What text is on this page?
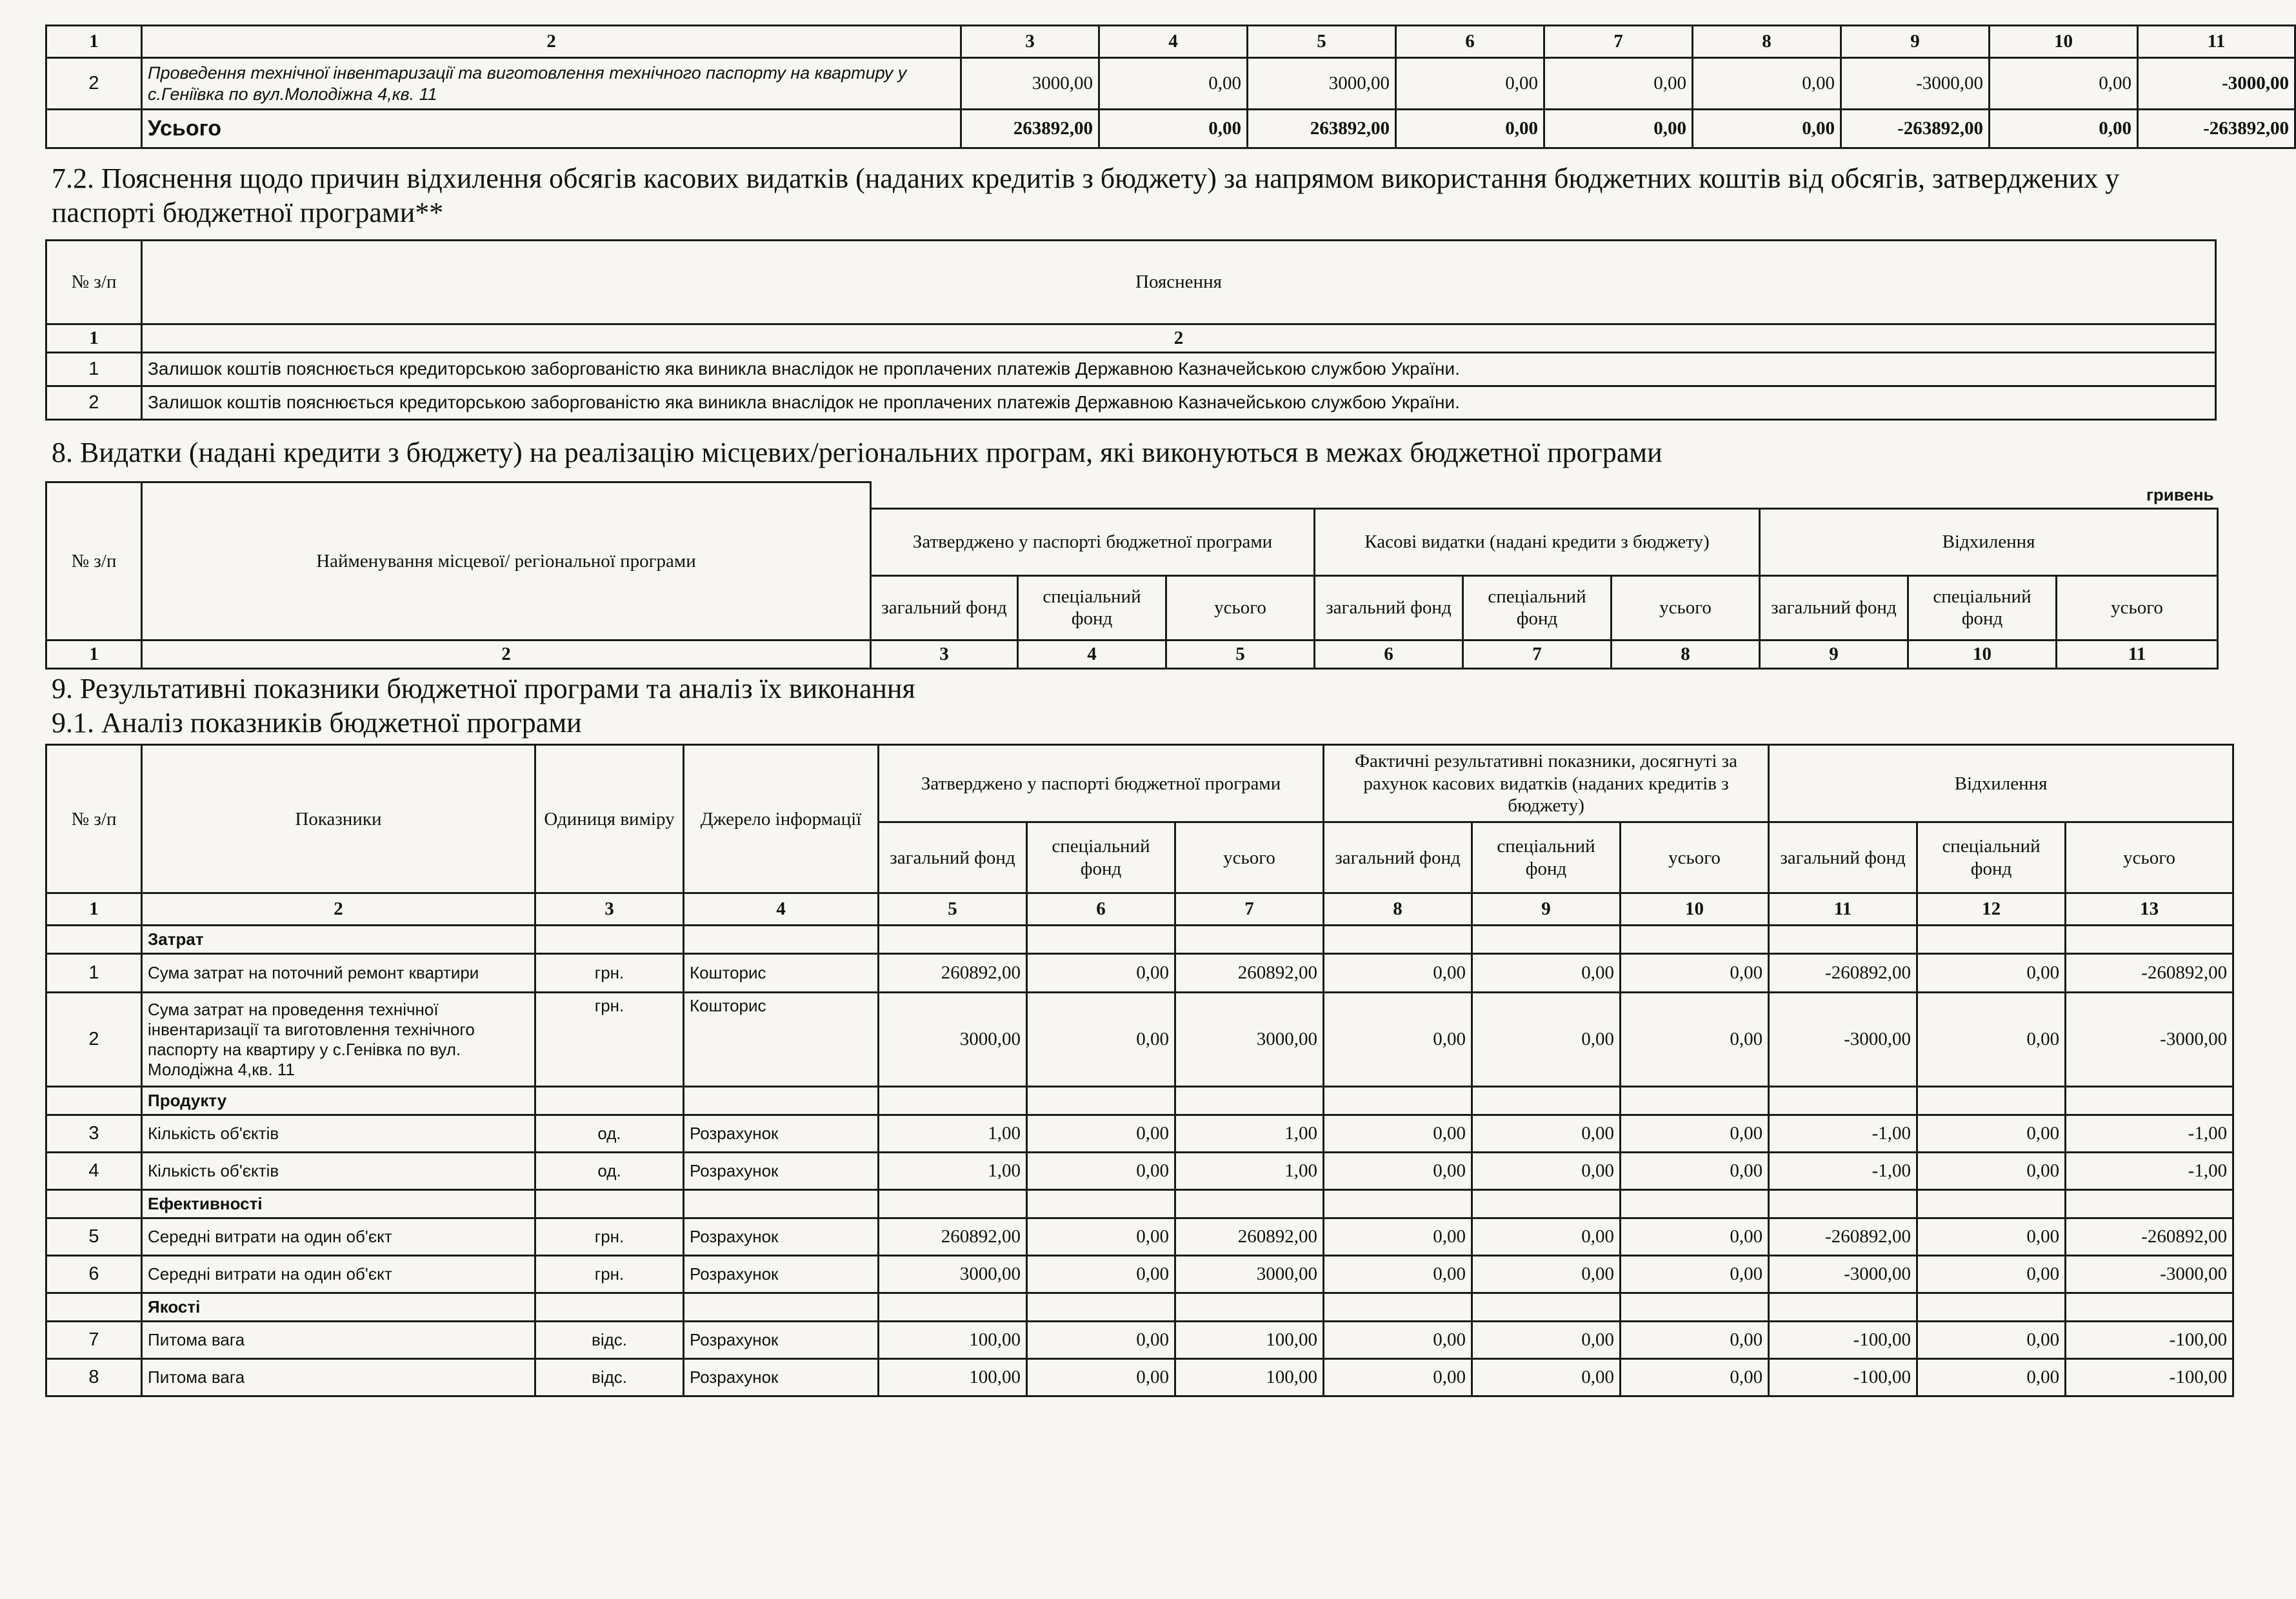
1	2	3	4	5	6	7	8	9	10	11
2	Проведення технічної інвентаризації та виготовлення технічного паспорту на квартиру у с.Геніївка по вул.Молодіжна 4,кв. 11	3000,00	0,00	3000,00	0,00	0,00	0,00	-3000,00	0,00	-3000,00
	Усього	263892,00	0,00	263892,00	0,00	0,00	0,00	-263892,00	0,00	-263892,00
7.2. Пояснення щодо причин відхилення обсягів касових видатків (наданих кредитів з бюджету) за напрямом використання бюджетних коштів від обсягів, затверджених у паспорті бюджетної програми**
№ з/п	Пояснення
1	2
1	Залишок коштів пояснюється кредиторською заборгованістю яка виникла внаслідок не проплачених платежів Державною Казначейською службою України.
2	Залишок коштів пояснюється кредиторською заборгованістю яка виникла внаслідок не проплачених платежів Державною Казначейською службою України.
8. Видатки (надані кредити з бюджету) на реалізацію місцевих/регіональних програм, які виконуються в межах бюджетної програми
№ з/п	Найменування місцевої/ регіональної програми	гривень								
		Затверджено у паспорті бюджетної програми			Касові видатки (надані кредити з бюджету)			Відхилення		
		загальний фонд	спеціальний фонд	усього	загальний фонд	спеціальний фонд	усього	загальний фонд	спеціальний фонд	усього
1	2	3	4	5	6	7	8	9	10	11
9. Результативні показники бюджетної програми та аналіз їх виконання
9.1. Аналіз показників бюджетної програми
№ з/п	Показники	Одиниця виміру	Джерело інформації	Затверджено у паспорті бюджетної програми			Фактичні результативні показники, досягнуті за рахунок касових видатків (наданих кредитів з бюджету)			Відхилення		
				загальний фонд	спеціальний фонд	усього	загальний фонд	спеціальний фонд	усього	загальний фонд	спеціальний фонд	усього
1	2	3	4	5	6	7	8	9	10	11	12	13
	Затрат											
1	Сума затрат на поточний ремонт квартири	грн.	Кошторис	260892,00	0,00	260892,00	0,00	0,00	0,00	-260892,00	0,00	-260892,00
2	Сума затрат на проведення технічної інвентаризації та виготовлення технічного паспорту на квартиру у с.Генівка по вул. Молодіжна 4,кв. 11	грн.	Кошторис	3000,00	0,00	3000,00	0,00	0,00	0,00	-3000,00	0,00	-3000,00
	Продукту											
3	Кількість об'єктів	од.	Розрахунок	1,00	0,00	1,00	0,00	0,00	0,00	-1,00	0,00	-1,00
4	Кількість об'єктів	од.	Розрахунок	1,00	0,00	1,00	0,00	0,00	0,00	-1,00	0,00	-1,00
	Ефективності											
5	Середні витрати на один об'єкт	грн.	Розрахунок	260892,00	0,00	260892,00	0,00	0,00	0,00	-260892,00	0,00	-260892,00
6	Середні витрати на один об'єкт	грн.	Розрахунок	3000,00	0,00	3000,00	0,00	0,00	0,00	-3000,00	0,00	-3000,00
	Якості											
7	Питома вага	відс.	Розрахунок	100,00	0,00	100,00	0,00	0,00	0,00	-100,00	0,00	-100,00
8	Питома вага	відс.	Розрахунок	100,00	0,00	100,00	0,00	0,00	0,00	-100,00	0,00	-100,00
